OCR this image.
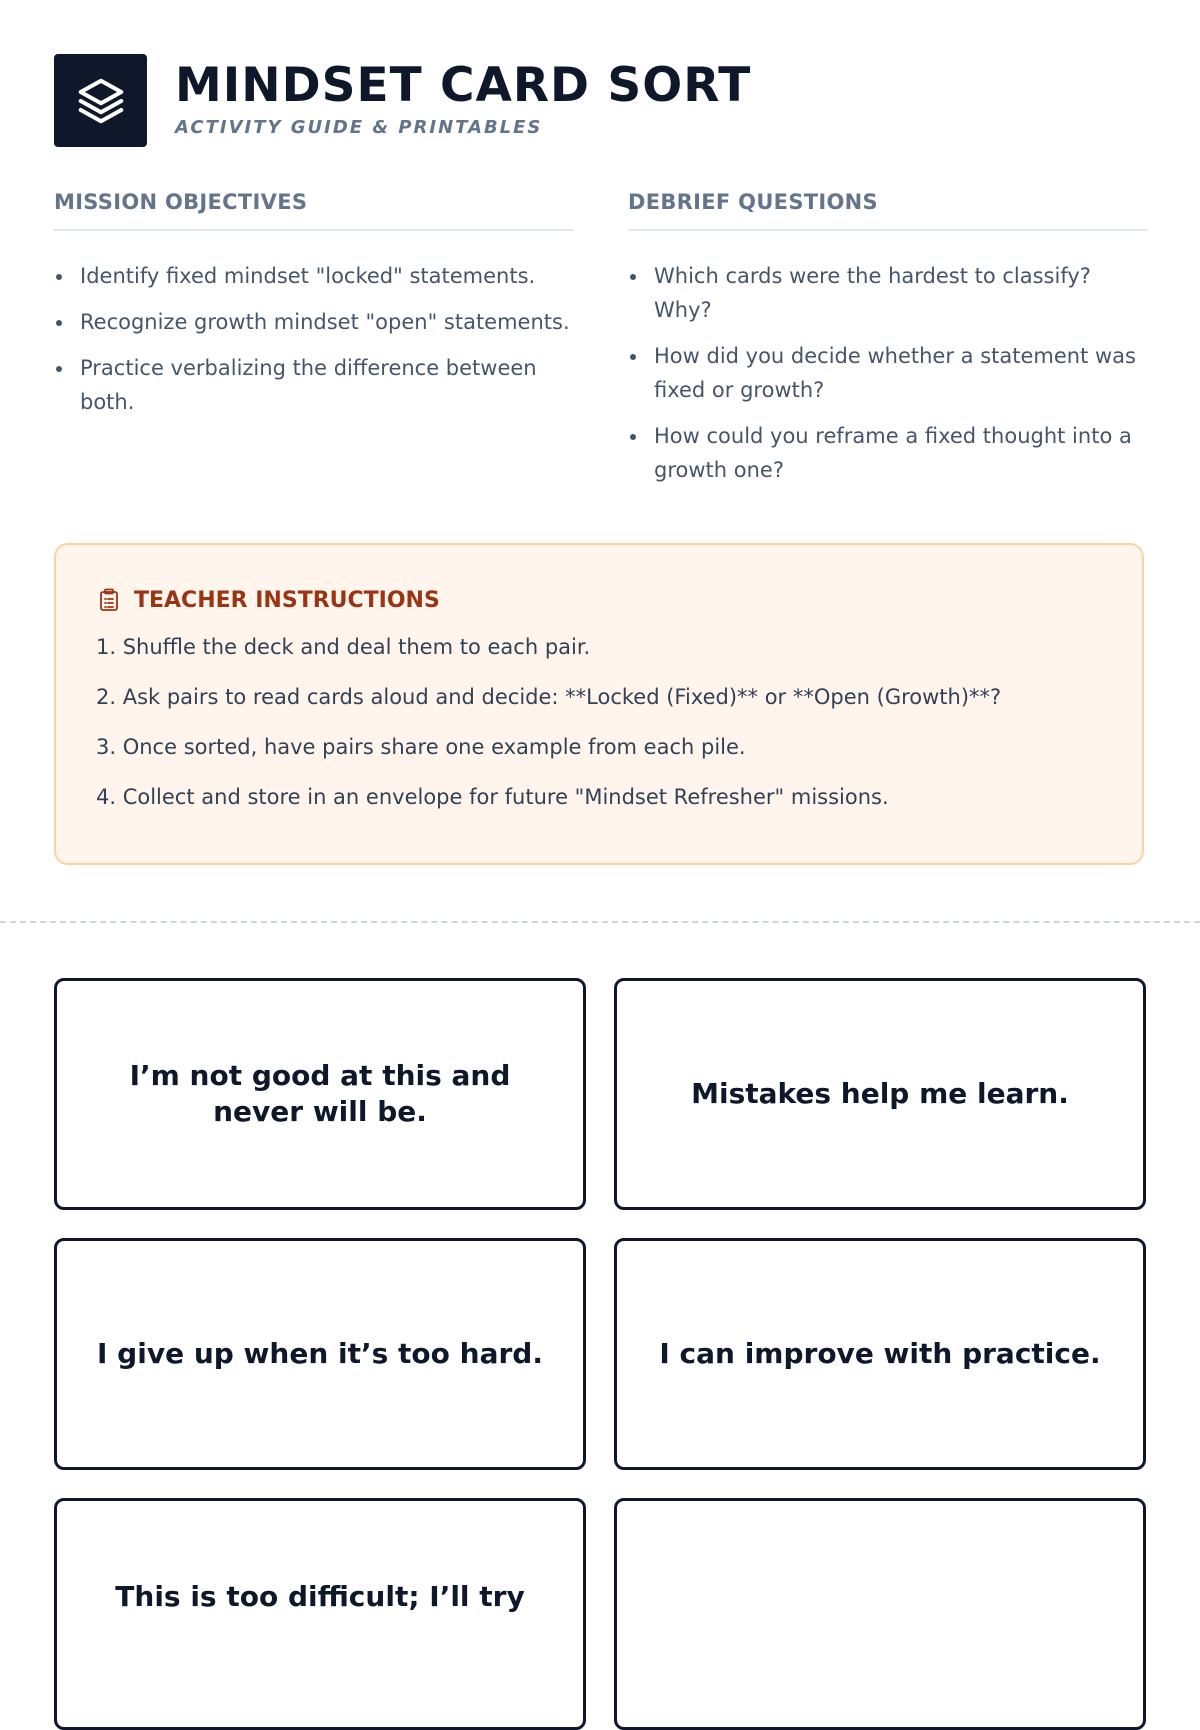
MINDSET CARD SORT
ACTIVITY GUIDE & PRINTABLES
MISSION OBJECTIVES
Identify fixed mindset "locked" statements.
Recognize growth mindset "open" statements.
Practice verbalizing the difference between both.
DEBRIEF QUESTIONS
Which cards were the hardest to classify? Why?
How did you decide whether a statement was fixed or growth?
How could you reframe a fixed thought into a growth one?
TEACHER INSTRUCTIONS
1. Shuffle the deck and deal them to each pair.
2. Ask pairs to read cards aloud and decide: **Locked (Fixed)** or **Open (Growth)**?
3. Once sorted, have pairs share one example from each pile.
4. Collect and store in an envelope for future "Mindset Refresher" missions.
I’m not good at this and never will be.
Mistakes help me learn.
I give up when it’s too hard.	I can improve with practice.
This is too difficult; I’ll try
